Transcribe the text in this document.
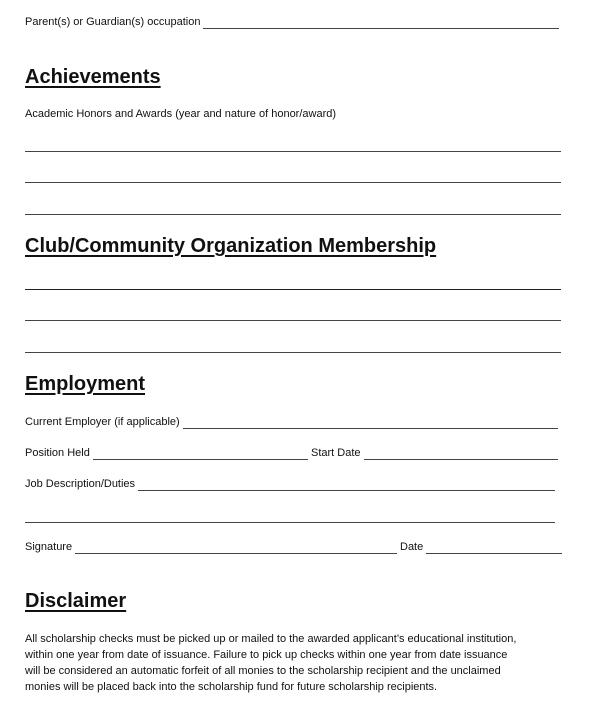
Parent(s) or Guardian(s) occupation
Achievements
Academic Honors and Awards (year and nature of honor/award)
Club/Community Organization Membership
Employment
Current Employer (if applicable)
Position Held	Start Date
Job Description/Duties
Signature	Date
Disclaimer
All scholarship checks must be picked up or mailed to the awarded applicant’s educational institution,
within one year from date of issuance. Failure to pick up checks within one year from date issuance
will be considered an automatic forfeit of all monies to the scholarship recipient and the unclaimed
monies will be placed back into the scholarship fund for future scholarship recipients.
